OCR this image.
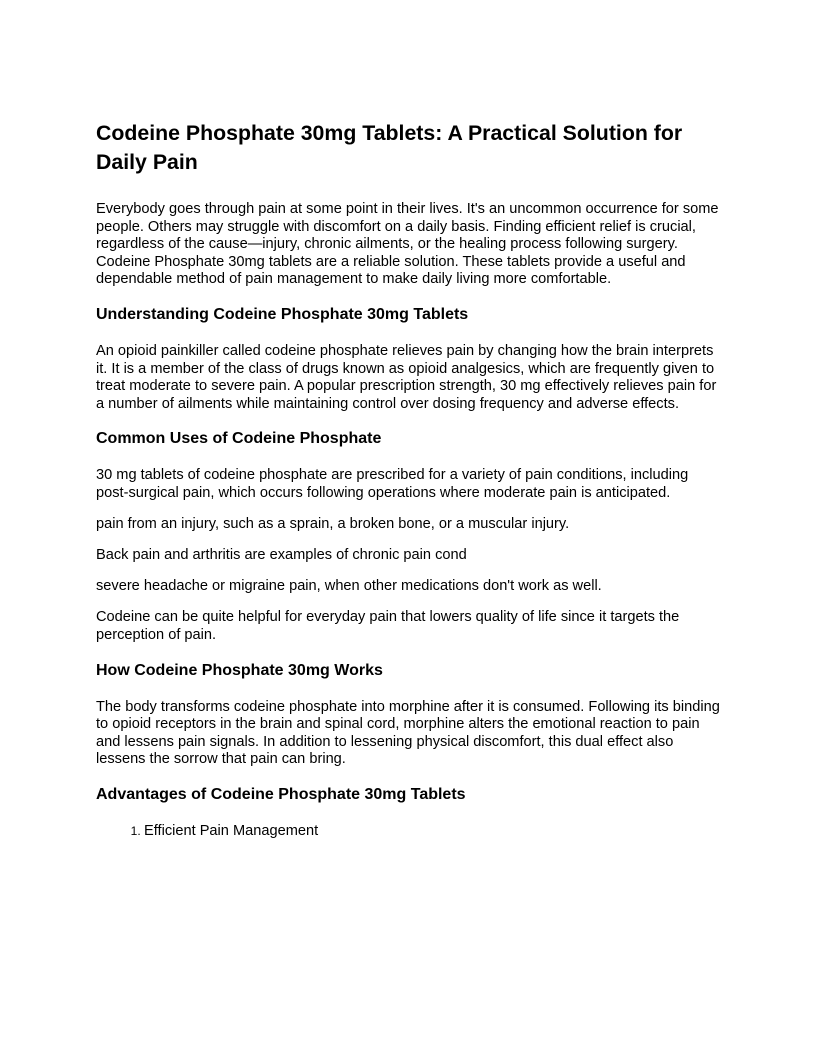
Codeine Phosphate 30mg Tablets: A Practical Solution for Daily Pain

Everybody goes through pain at some point in their lives. It's an uncommon occurrence for some people. Others may struggle with discomfort on a daily basis. Finding efficient relief is crucial, regardless of the cause—injury, chronic ailments, or the healing process following surgery. Codeine Phosphate 30mg tablets are a reliable solution. These tablets provide a useful and dependable method of pain management to make daily living more comfortable.

Understanding Codeine Phosphate 30mg Tablets

An opioid painkiller called codeine phosphate relieves pain by changing how the brain interprets it. It is a member of the class of drugs known as opioid analgesics, which are frequently given to treat moderate to severe pain. A popular prescription strength, 30 mg effectively relieves pain for a number of ailments while maintaining control over dosing frequency and adverse effects.

Common Uses of Codeine Phosphate

30 mg tablets of codeine phosphate are prescribed for a variety of pain conditions, including post-surgical pain, which occurs following operations where moderate pain is anticipated.

pain from an injury, such as a sprain, a broken bone, or a muscular injury.

Back pain and arthritis are examples of chronic pain cond

severe headache or migraine pain, when other medications don't work as well.

Codeine can be quite helpful for everyday pain that lowers quality of life since it targets the perception of pain.

How Codeine Phosphate 30mg Works

The body transforms codeine phosphate into morphine after it is consumed. Following its binding to opioid receptors in the brain and spinal cord, morphine alters the emotional reaction to pain and lessens pain signals. In addition to lessening physical discomfort, this dual effect also lessens the sorrow that pain can bring.

Advantages of Codeine Phosphate 30mg Tablets
1. Efficient Pain Management
